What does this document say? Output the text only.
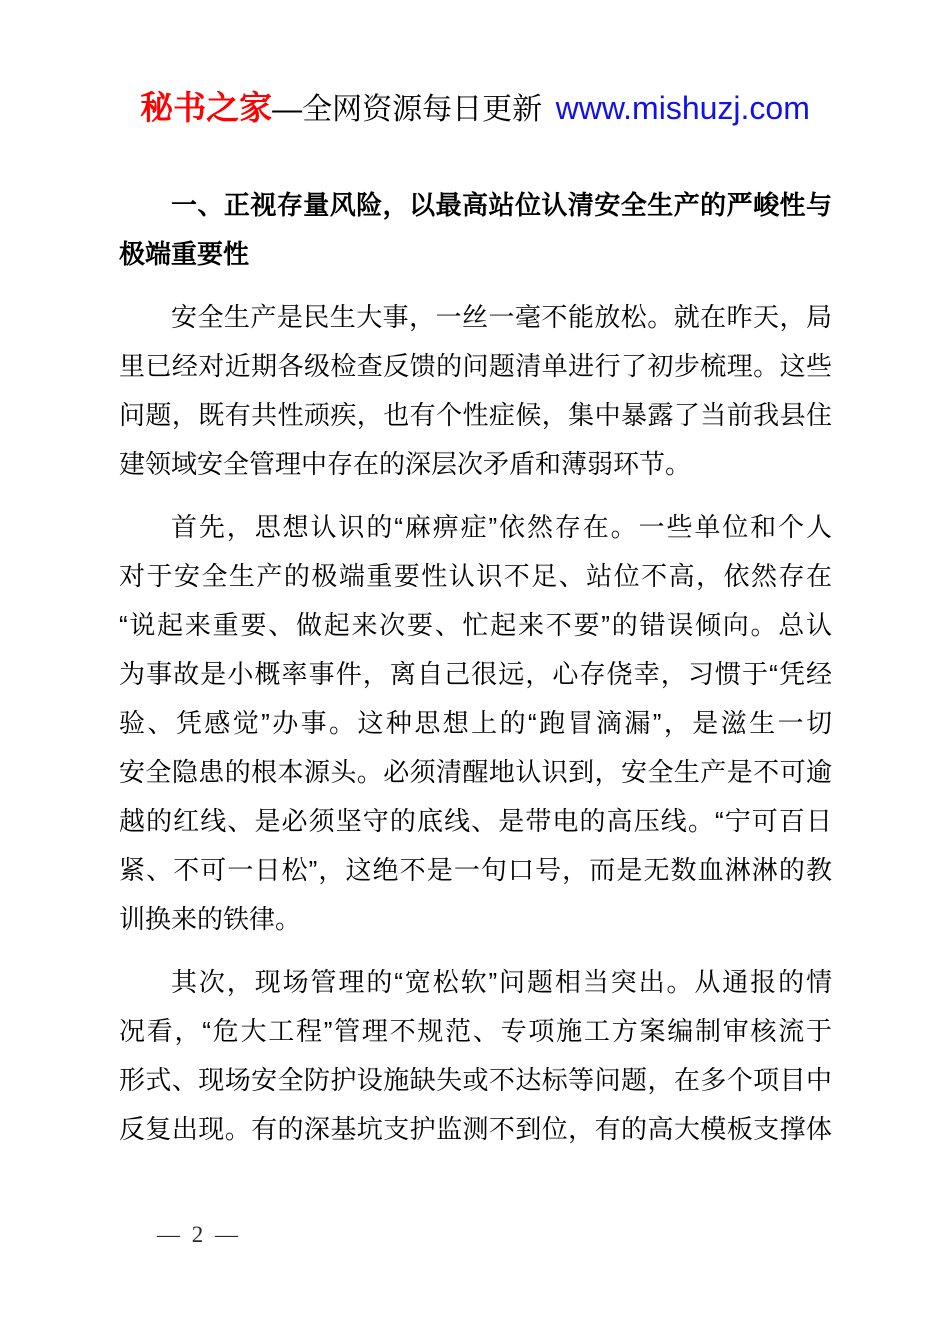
秘书之家—全网资源每日更新 www.mishuzj.com
一、正视存量风险，以最高站位认清安全生产的严峻性与
极端重要性
安全生产是民生大事，一丝一毫不能放松。就在昨天，局
里已经对近期各级检查反馈的问题清单进行了初步梳理。这些
问题，既有共性顽疾，也有个性症候，集中暴露了当前我县住
建领域安全管理中存在的深层次矛盾和薄弱环节。
首先，思想认识的“麻痹症”依然存在。一些单位和个人
对于安全生产的极端重要性认识不足、站位不高，依然存在
“说起来重要、做起来次要、忙起来不要”的错误倾向。总认
为事故是小概率事件，离自己很远，心存侥幸，习惯于“凭经
验、凭感觉”办事。这种思想上的“跑冒滴漏”，是滋生一切
安全隐患的根本源头。必须清醒地认识到，安全生产是不可逾
越的红线、是必须坚守的底线、是带电的高压线。“宁可百日
紧、不可一日松”，这绝不是一句口号，而是无数血淋淋的教
训换来的铁律。
其次，现场管理的“宽松软”问题相当突出。从通报的情
况看，“危大工程”管理不规范、专项施工方案编制审核流于
形式、现场安全防护设施缺失或不达标等问题，在多个项目中
反复出现。有的深基坑支护监测不到位，有的高大模板支撑体
— 2 —
